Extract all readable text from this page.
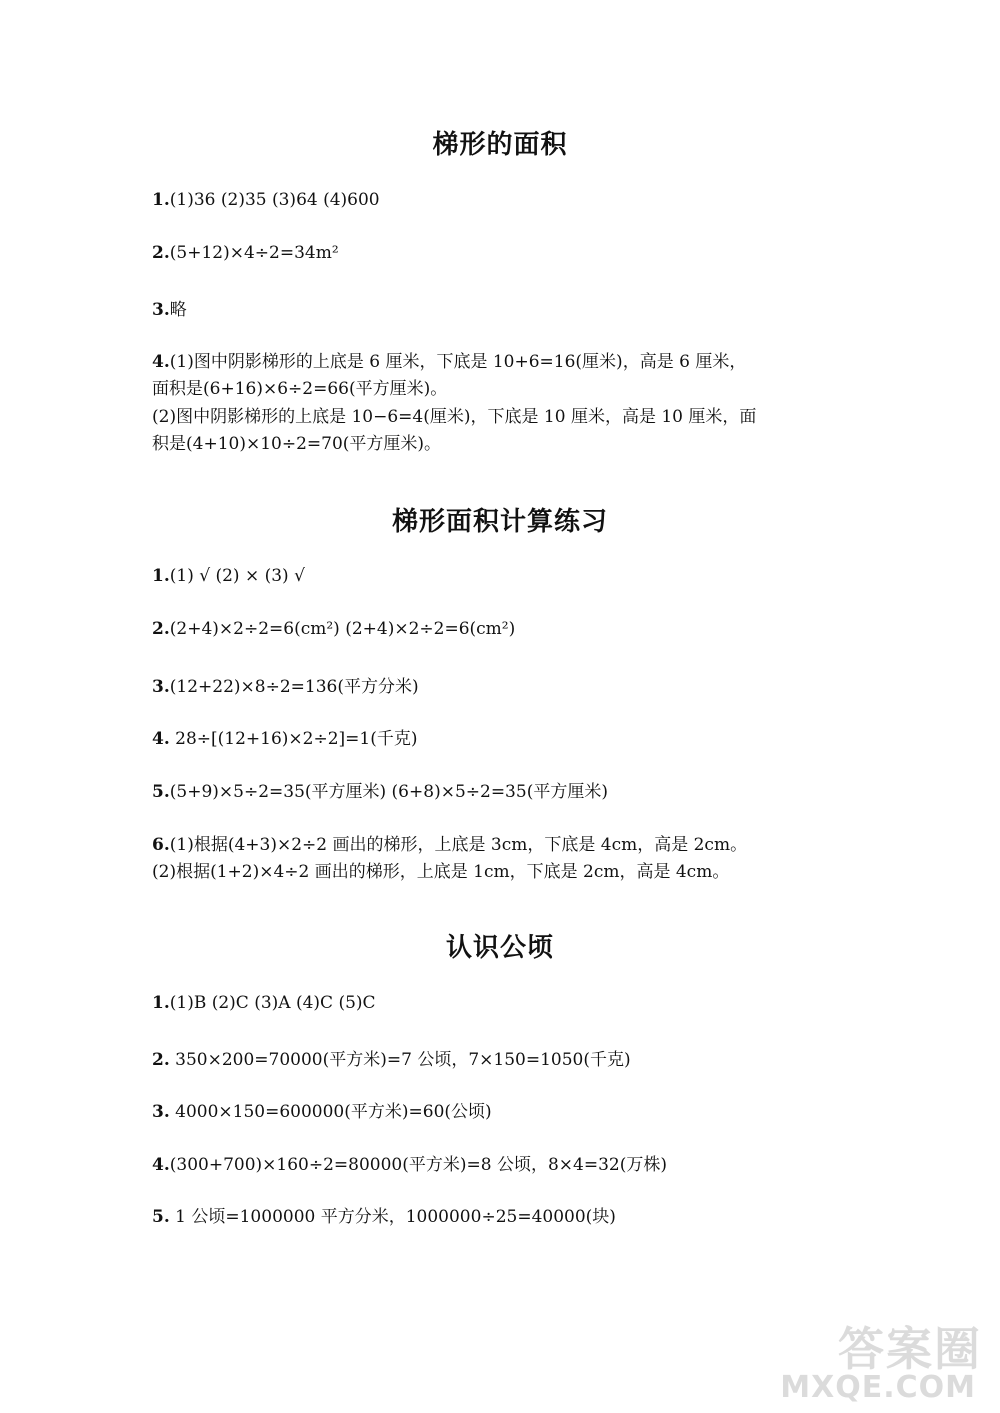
梯形的面积
1.(1)36 (2)35 (3)64 (4)600
2.(5+12)×4÷2=34m²
3.略
4.(1)图中阴影梯形的上底是 6 厘米，下底是 10+6=16(厘米)，高是 6 厘米，
面积是(6+16)×6÷2=66(平方厘米)。
(2)图中阴影梯形的上底是 10−6=4(厘米)，下底是 10 厘米，高是 10 厘米，面
积是(4+10)×10÷2=70(平方厘米)。
梯形面积计算练习
1.(1) √ (2) × (3) √
2.(2+4)×2÷2=6(cm²) (2+4)×2÷2=6(cm²)
3.(12+22)×8÷2=136(平方分米)
4. 28÷[(12+16)×2÷2]=1(千克)
5.(5+9)×5÷2=35(平方厘米) (6+8)×5÷2=35(平方厘米)
6.(1)根据(4+3)×2÷2 画出的梯形，上底是 3cm，下底是 4cm，高是 2cm。
(2)根据(1+2)×4÷2 画出的梯形，上底是 1cm，下底是 2cm，高是 4cm。
认识公顷
1.(1)B (2)C (3)A (4)C (5)C
2. 350×200=70000(平方米)=7 公顷，7×150=1050(千克)
3. 4000×150=600000(平方米)=60(公顷)
4.(300+700)×160÷2=80000(平方米)=8 公顷，8×4=32(万株)
5. 1 公顷=1000000 平方分米，1000000÷25=40000(块)
答案圈
MXQE.COM
